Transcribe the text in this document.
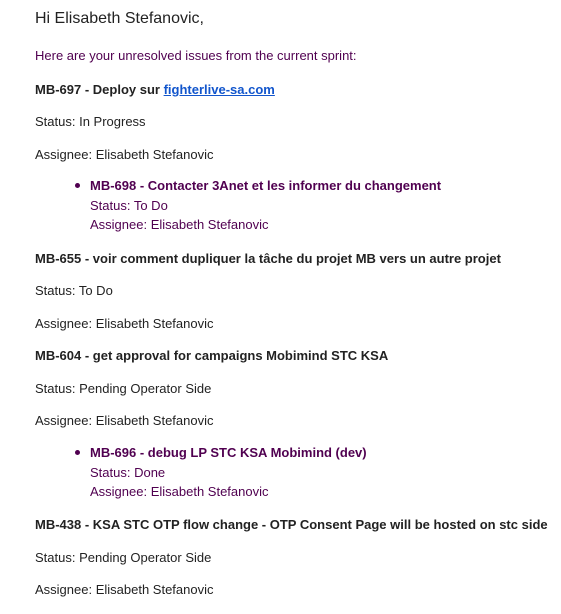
Hi Elisabeth Stefanovic,
Here are your unresolved issues from the current sprint:
MB-697 - Deploy sur fighterlive-sa.com
Status: In Progress
Assignee: Elisabeth Stefanovic
MB-698 - Contacter 3Anet et les informer du changement
Status: To Do
Assignee: Elisabeth Stefanovic
MB-655 - voir comment dupliquer la tâche du projet MB vers un autre projet
Status: To Do
Assignee: Elisabeth Stefanovic
MB-604 - get approval for campaigns Mobimind STC KSA
Status: Pending Operator Side
Assignee: Elisabeth Stefanovic
MB-696 - debug LP STC KSA Mobimind (dev)
Status: Done
Assignee: Elisabeth Stefanovic
MB-438 - KSA STC OTP flow change - OTP Consent Page will be hosted on stc side
Status: Pending Operator Side
Assignee: Elisabeth Stefanovic
